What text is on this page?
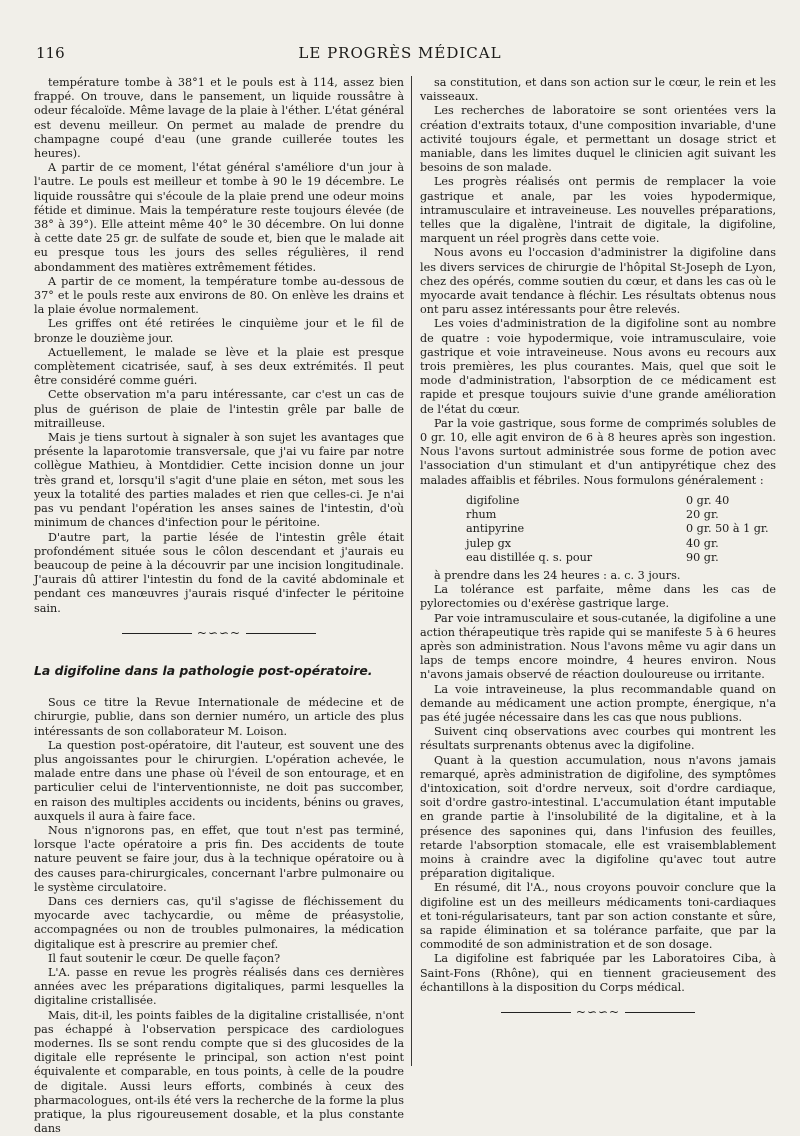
116	LE PROGRÈS MÉDICAL

température tombe à 38°1 et le pouls est à 114, assez bien frappé. On trouve, dans le pansement, un liquide roussâtre à odeur fécaloïde. Même lavage de la plaie à l'éther. L'état général est devenu meilleur. On permet au malade de prendre du champagne coupé d'eau (une grande cuillerée toutes les heures).

A partir de ce moment, l'état général s'améliore d'un jour à l'autre. Le pouls est meilleur et tombe à 90 le 19 décembre. Le liquide roussâtre qui s'écoule de la plaie prend une odeur moins fétide et diminue. Mais la température reste toujours élevée (de 38° à 39°). Elle atteint même 40° le 30 décembre. On lui donne à cette date 25 gr. de sulfate de soude et, bien que le malade ait eu presque tous les jours des selles régulières, il rend abondamment des matières extrêmement fétides.

A partir de ce moment, la température tombe au-dessous de 37° et le pouls reste aux environs de 80. On enlève les drains et la plaie évolue normalement.

Les griffes ont été retirées le cinquième jour et le fil de bronze le douzième jour.

Actuellement, le malade se lève et la plaie est presque complètement cicatrisée, sauf, à ses deux extrémités. Il peut être considéré comme guéri.

Cette observation m'a paru intéressante, car c'est un cas de plus de guérison de plaie de l'intestin grêle par balle de mitrailleuse.

Mais je tiens surtout à signaler à son sujet les avantages que présente la laparotomie transversale, que j'ai vu faire par notre collègue Mathieu, à Montdidier. Cette incision donne un jour très grand et, lorsqu'il s'agit d'une plaie en séton, met sous les yeux la totalité des parties malades et rien que celles-ci. Je n'ai pas vu pendant l'opération les anses saines de l'intestin, d'où minimum de chances d'infection pour le péritoine.

D'autre part, la partie lésée de l'intestin grêle était profondément située sous le côlon descendant et j'aurais eu beaucoup de peine à la découvrir par une incision longitudinale. J'aurais dû attirer l'intestin du fond de la cavité abdominale et pendant ces manœuvres j'aurais risqué d'infecter le péritoine sain.

~∽∽~
La digifoline dans la pathologie post-opératoire.

Sous ce titre la Revue Internationale de médecine et de chirurgie, publie, dans son dernier numéro, un article des plus intéressants de son collaborateur M. Loison.

La question post-opératoire, dit l'auteur, est souvent une des plus angoissantes pour le chirurgien. L'opération achevée, le malade entre dans une phase où l'éveil de son entourage, et en particulier celui de l'interventionniste, ne doit pas succomber, en raison des multiples accidents ou incidents, bénins ou graves, auxquels il aura à faire face.

Nous n'ignorons pas, en effet, que tout n'est pas terminé, lorsque l'acte opératoire a pris fin. Des accidents de toute nature peuvent se faire jour, dus à la technique opératoire ou à des causes para-chirurgicales, concernant l'arbre pulmonaire ou le système circulatoire.

Dans ces derniers cas, qu'il s'agisse de fléchissement du myocarde avec tachycardie, ou même de préasystolie, accompagnées ou non de troubles pulmonaires, la médication digitalique est à prescrire au premier chef.

Il faut soutenir le cœur. De quelle façon?

L'A. passe en revue les progrès réalisés dans ces dernières années avec les préparations digitaliques, parmi lesquelles la digitaline cristallisée.

Mais, dit-il, les points faibles de la digitaline cristallisée, n'ont pas échappé à l'observation perspicace des cardiologues modernes. Ils se sont rendu compte que si des glucosides de la digitale elle représente le principal, son action n'est point équivalente et comparable, en tous points, à celle de la poudre de digitale. Aussi leurs efforts, combinés à ceux des pharmacologues, ont-ils été vers la recherche de la forme la plus pratique, la plus rigoureusement dosable, et la plus constante dans

sa constitution, et dans son action sur le cœur, le rein et les vaisseaux.

Les recherches de laboratoire se sont orientées vers la création d'extraits totaux, d'une composition invariable, d'une activité toujours égale, et permettant un dosage strict et maniable, dans les limites duquel le clinicien agit suivant les besoins de son malade.

Les progrès réalisés ont permis de remplacer la voie gastrique et anale, par les voies hypodermique, intramusculaire et intraveineuse. Les nouvelles préparations, telles que la digalène, l'intrait de digitale, la digifoline, marquent un réel progrès dans cette voie.

Nous avons eu l'occasion d'administrer la digifoline dans les divers services de chirurgie de l'hôpital St-Joseph de Lyon, chez des opérés, comme soutien du cœur, et dans les cas où le myocarde avait tendance à fléchir. Les résultats obtenus nous ont paru assez intéressants pour être relevés.

Les voies d'administration de la digifoline sont au nombre de quatre : voie hypodermique, voie intramusculaire, voie gastrique et voie intraveineuse. Nous avons eu recours aux trois premières, les plus courantes. Mais, quel que soit le mode d'administration, l'absorption de ce médicament est rapide et presque toujours suivie d'une grande amélioration de l'état du cœur.

Par la voie gastrique, sous forme de comprimés solubles de 0 gr. 10, elle agit environ de 6 à 8 heures après son ingestion. Nous l'avons surtout administrée sous forme de potion avec l'association d'un stimulant et d'un antipyrétique chez des malades affaiblis et fébriles. Nous formulons généralement :

digifoline	0 gr. 40
rhum	20 gr.
antipyrine	0 gr. 50 à 1 gr.
julep gx	40 gr.
eau distillée q. s. pour	90 gr.

à prendre dans les 24 heures : a. c. 3 jours.

La tolérance est parfaite, même dans les cas de pylorectomies ou d'exérèse gastrique large.

Par voie intramusculaire et sous-cutanée, la digifoline a une action thérapeutique très rapide qui se manifeste 5 à 6 heures après son administration. Nous l'avons même vu agir dans un laps de temps encore moindre, 4 heures environ. Nous n'avons jamais observé de réaction douloureuse ou irritante.

La voie intraveineuse, la plus recommandable quand on demande au médicament une action prompte, énergique, n'a pas été jugée nécessaire dans les cas que nous publions.

Suivent cinq observations avec courbes qui montrent les résultats surprenants obtenus avec la digifoline.

Quant à la question accumulation, nous n'avons jamais remarqué, après administration de digifoline, des symptômes d'intoxication, soit d'ordre nerveux, soit d'ordre cardiaque, soit d'ordre gastro-intestinal. L'accumulation étant imputable en grande partie à l'insolubilité de la digitaline, et à la présence des saponines qui, dans l'infusion des feuilles, retarde l'absorption stomacale, elle est vraisemblablement moins à craindre avec la digifoline qu'avec tout autre préparation digitalique.

En résumé, dit l'A., nous croyons pouvoir conclure que la digifoline est un des meilleurs médicaments toni-cardiaques et toni-régularisateurs, tant par son action constante et sûre, sa rapide élimination et sa tolérance parfaite, que par la commodité de son administration et de son dosage.

La digifoline est fabriquée par les Laboratoires Ciba, à Saint-Fons (Rhône), qui en tiennent gracieusement des échantillons à la disposition du Corps médical.

~∽∽~
